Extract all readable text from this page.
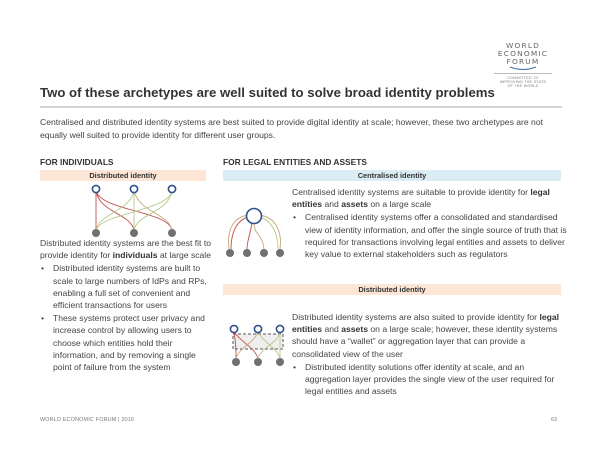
WORLD
ECONOMIC
FORUM
COMMITTED TO
IMPROVING THE STATE
OF THE WORLD
Two of these archetypes are well suited to solve broad identity problems
Centralised and distributed identity systems are best suited to provide digital identity at scale; however, these two archetypes are not equally well suited to provide identity for different user groups.
FOR INDIVIDUALS
Distributed identity
Distributed identity systems are the best fit to provide identity for individuals at large scale
• Distributed identity systems are built to scale to large numbers of IdPs and RPs, enabling a full set of convenient and efficient transactions for users
• These systems protect user privacy and increase control by allowing users to choose which entities hold their information, and by removing a single point of failure from the system
FOR LEGAL ENTITIES AND ASSETS
Centralised identity
Centralised identity systems are suitable to provide identity for legal entities and assets on a large scale
• Centralised identity systems offer a consolidated and standardised view of identity information, and offer the single source of truth that is required for transactions involving legal entities and assets to deliver key value to external stakeholders such as regulators
Distributed identity
Distributed identity systems are also suited to provide identity for legal entities and assets on a large scale; however, these identity systems should have a “wallet” or aggregation layer that can provide a consolidated view of the user
• Distributed identity solutions offer identity at scale, and an aggregation layer provides the single view of the user required for legal entities and assets
WORLD ECONOMIC FORUM | 2016	63
